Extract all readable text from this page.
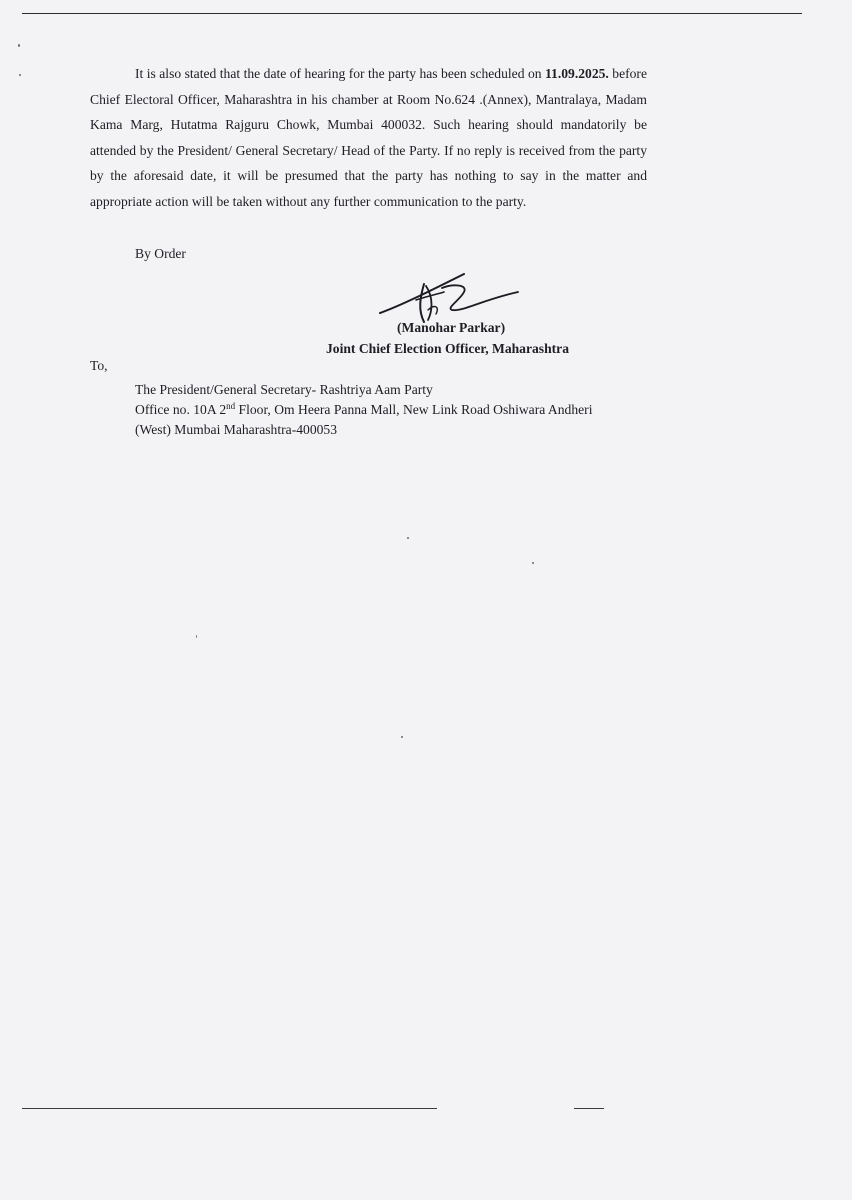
It is also stated that the date of hearing for the party has been scheduled on 11.09.2025. before Chief Electoral Officer, Maharashtra in his chamber at Room No.624 .(Annex), Mantralaya, Madam Kama Marg, Hutatma Rajguru Chowk, Mumbai 400032. Such hearing should mandatorily be attended by the President/ General Secretary/ Head of the Party. If no reply is received from the party by the aforesaid date, it will be presumed that the party has nothing to say in the matter and appropriate action will be taken without any further communication to the party.

By Order

(Manohar Parkar)
Joint Chief Election Officer, Maharashtra
To,
The President/General Secretary- Rashtriya Aam Party
Office no. 10A 2nd Floor, Om Heera Panna Mall, New Link Road Oshiwara Andheri
(West) Mumbai Maharashtra-400053
